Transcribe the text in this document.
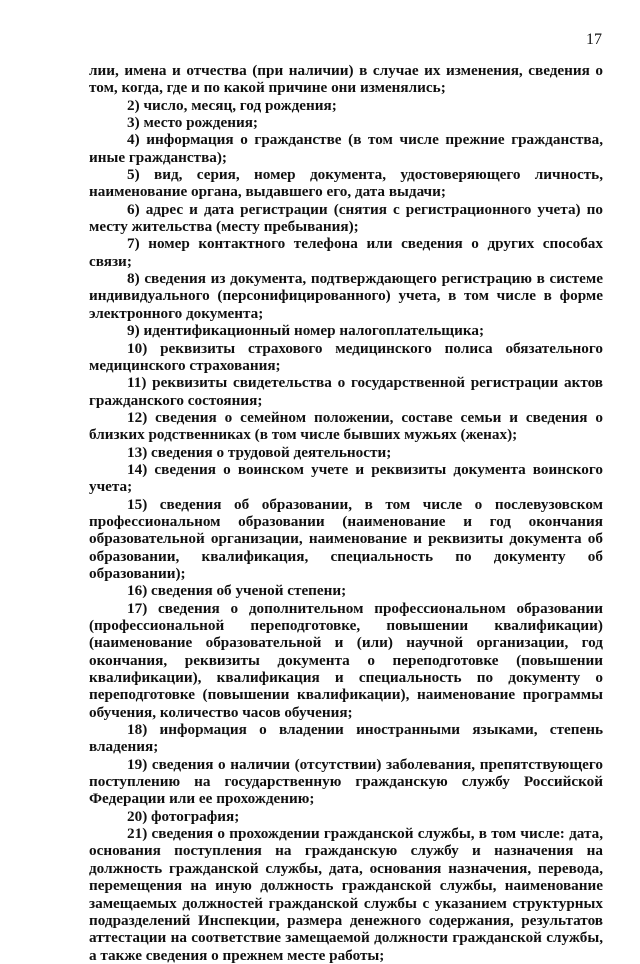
17

лии, имена и отчества (при наличии) в случае их изменения, сведения о том, когда, где и по какой причине они изменялись;

2) число, месяц, год рождения;

3) место рождения;

4) информация о гражданстве (в том числе прежние гражданства, иные гражданства);

5) вид, серия, номер документа, удостоверяющего личность, наименование органа, выдавшего его, дата выдачи;

6) адрес и дата регистрации (снятия с регистрационного учета) по месту жительства (месту пребывания);

7) номер контактного телефона или сведения о других способах связи;

8) сведения из документа, подтверждающего регистрацию в системе индивидуального (персонифицированного) учета, в том числе в форме электронного документа;

9) идентификационный номер налогоплательщика;

10) реквизиты страхового медицинского полиса обязательного медицинского страхования;

11) реквизиты свидетельства о государственной регистрации актов гражданского состояния;

12) сведения о семейном положении, составе семьи и сведения о близких родственниках (в том числе бывших мужьях (женах);

13) сведения о трудовой деятельности;

14) сведения о воинском учете и реквизиты документа воинского учета;

15) сведения об образовании, в том числе о послевузовском профессиональном образовании (наименование и год окончания образовательной организации, наименование и реквизиты документа об образовании, квалификация, специальность по документу об образовании);

16) сведения об ученой степени;

17) сведения о дополнительном профессиональном образовании (профессиональной переподготовке, повышении квалификации) (наименование образовательной и (или) научной организации, год окончания, реквизиты документа о переподготовке (повышении квалификации), квалификация и специальность по документу о переподготовке (повышении квалификации), наименование программы обучения, количество часов обучения;

18) информация о владении иностранными языками, степень владения;

19) сведения о наличии (отсутствии) заболевания, препятствующего поступлению на государственную гражданскую службу Российской Федерации или ее прохождению;

20) фотография;

21) сведения о прохождении гражданской службы, в том числе: дата, основания поступления на гражданскую службу и назначения на должность гражданской службы, дата, основания назначения, перевода, перемещения на иную должность гражданской службы, наименование замещаемых должностей гражданской службы с указанием структурных подразделений Инспекции, размера денежного содержания, результатов аттестации на соответствие замещаемой должности гражданской службы, а также сведения о прежнем месте работы;
